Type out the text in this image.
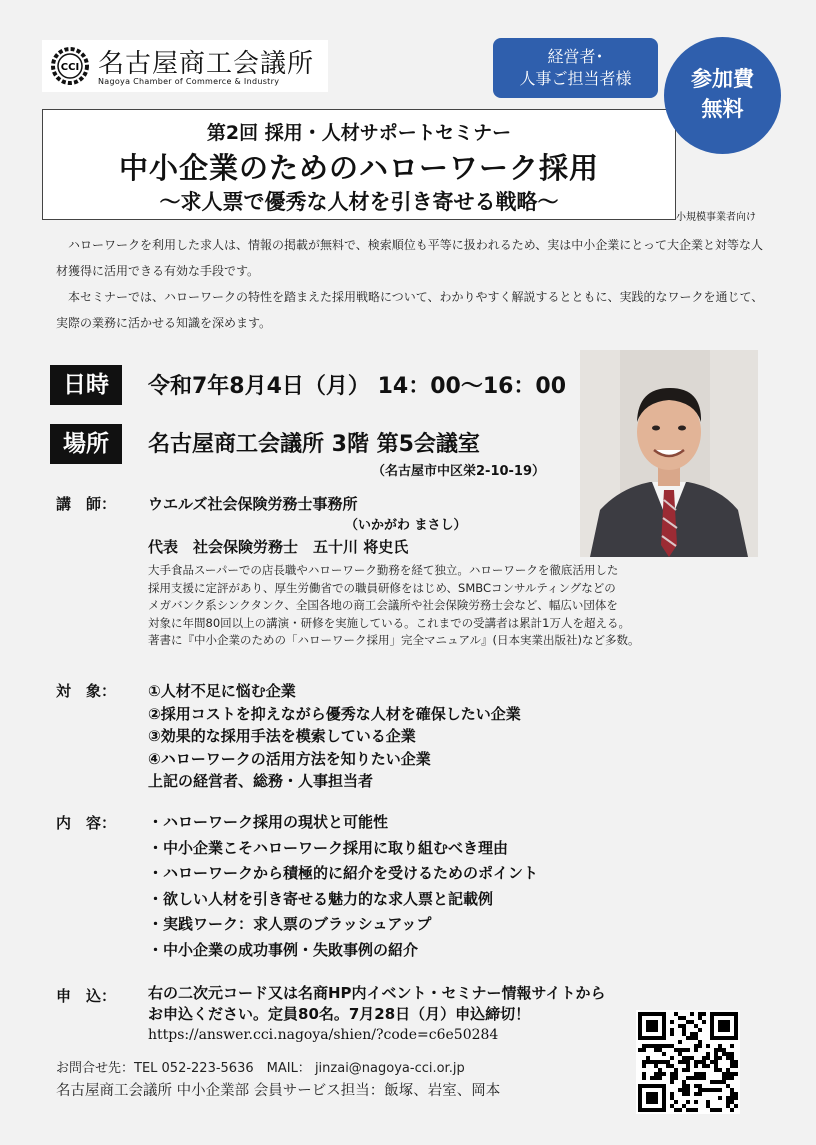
CCI 名古屋商工会議所
Nagoya Chamber of Commerce & Industry
経営者･
人事ご担当者様
第2回 採用・人材サポートセミナー
中小企業のためのハローワーク採用
～求人票で優秀な人材を引き寄せる戦略～
小規模事業者向け
参加費
無料

ハローワークを利用した求人は、情報の掲載が無料で、検索順位も平等に扱われるため、実は中小企業にとって大企業と対等な人材獲得に活用できる有効な手段です。

本セミナーでは、ハローワークの特性を踏まえた採用戦略について、わかりやすく解説するとともに、実践的なワークを通じて、実際の業務に活かせる知識を深めます。

日時	令和7年8月4日（月） 14：00～16：00
場所	名古屋商工会議所 3階 第5会議室
（名古屋市中区栄2-10-19）
講　師： ウエルズ社会保険労務士事務所
（いかがわ まさし）
代表　社会保険労務士　五十川 将史氏
大手食品スーパーでの店長職やハローワーク勤務を経て独立。ハローワークを徹底活用した
採用支援に定評があり、厚生労働省での職員研修をはじめ、SMBCコンサルティングなどの
メガバンク系シンクタンク、全国各地の商工会議所や社会保険労務士会など、幅広い団体を
対象に年間80回以上の講演・研修を実施している。これまでの受講者は累計1万人を超える。
著書に『中小企業のための「ハローワーク採用」完全マニュアル』(日本実業出版社)など多数。
対　象： ①人材不足に悩む企業
②採用コストを抑えながら優秀な人材を確保したい企業
③効果的な採用手法を模索している企業
④ハローワークの活用方法を知りたい企業
上記の経営者、総務・人事担当者
内　容： ・ハローワーク採用の現状と可能性
・中小企業こそハローワーク採用に取り組むべき理由
・ハローワークから積極的に紹介を受けるためのポイント
・欲しい人材を引き寄せる魅力的な求人票と記載例
・実践ワーク：求人票のブラッシュアップ
・中小企業の成功事例・失敗事例の紹介
申　込： 右の二次元コード又は名商HP内イベント・セミナー情報サイトから
お申込ください。定員80名。7月28日（月）申込締切！
https://answer.cci.nagoya/shien/?code=c6e50284
お問合せ先：TEL 052-223-5636　MAIL： jinzai@nagoya-cci.or.jp
名古屋商工会議所 中小企業部 会員サービス担当：飯塚、岩室、岡本
